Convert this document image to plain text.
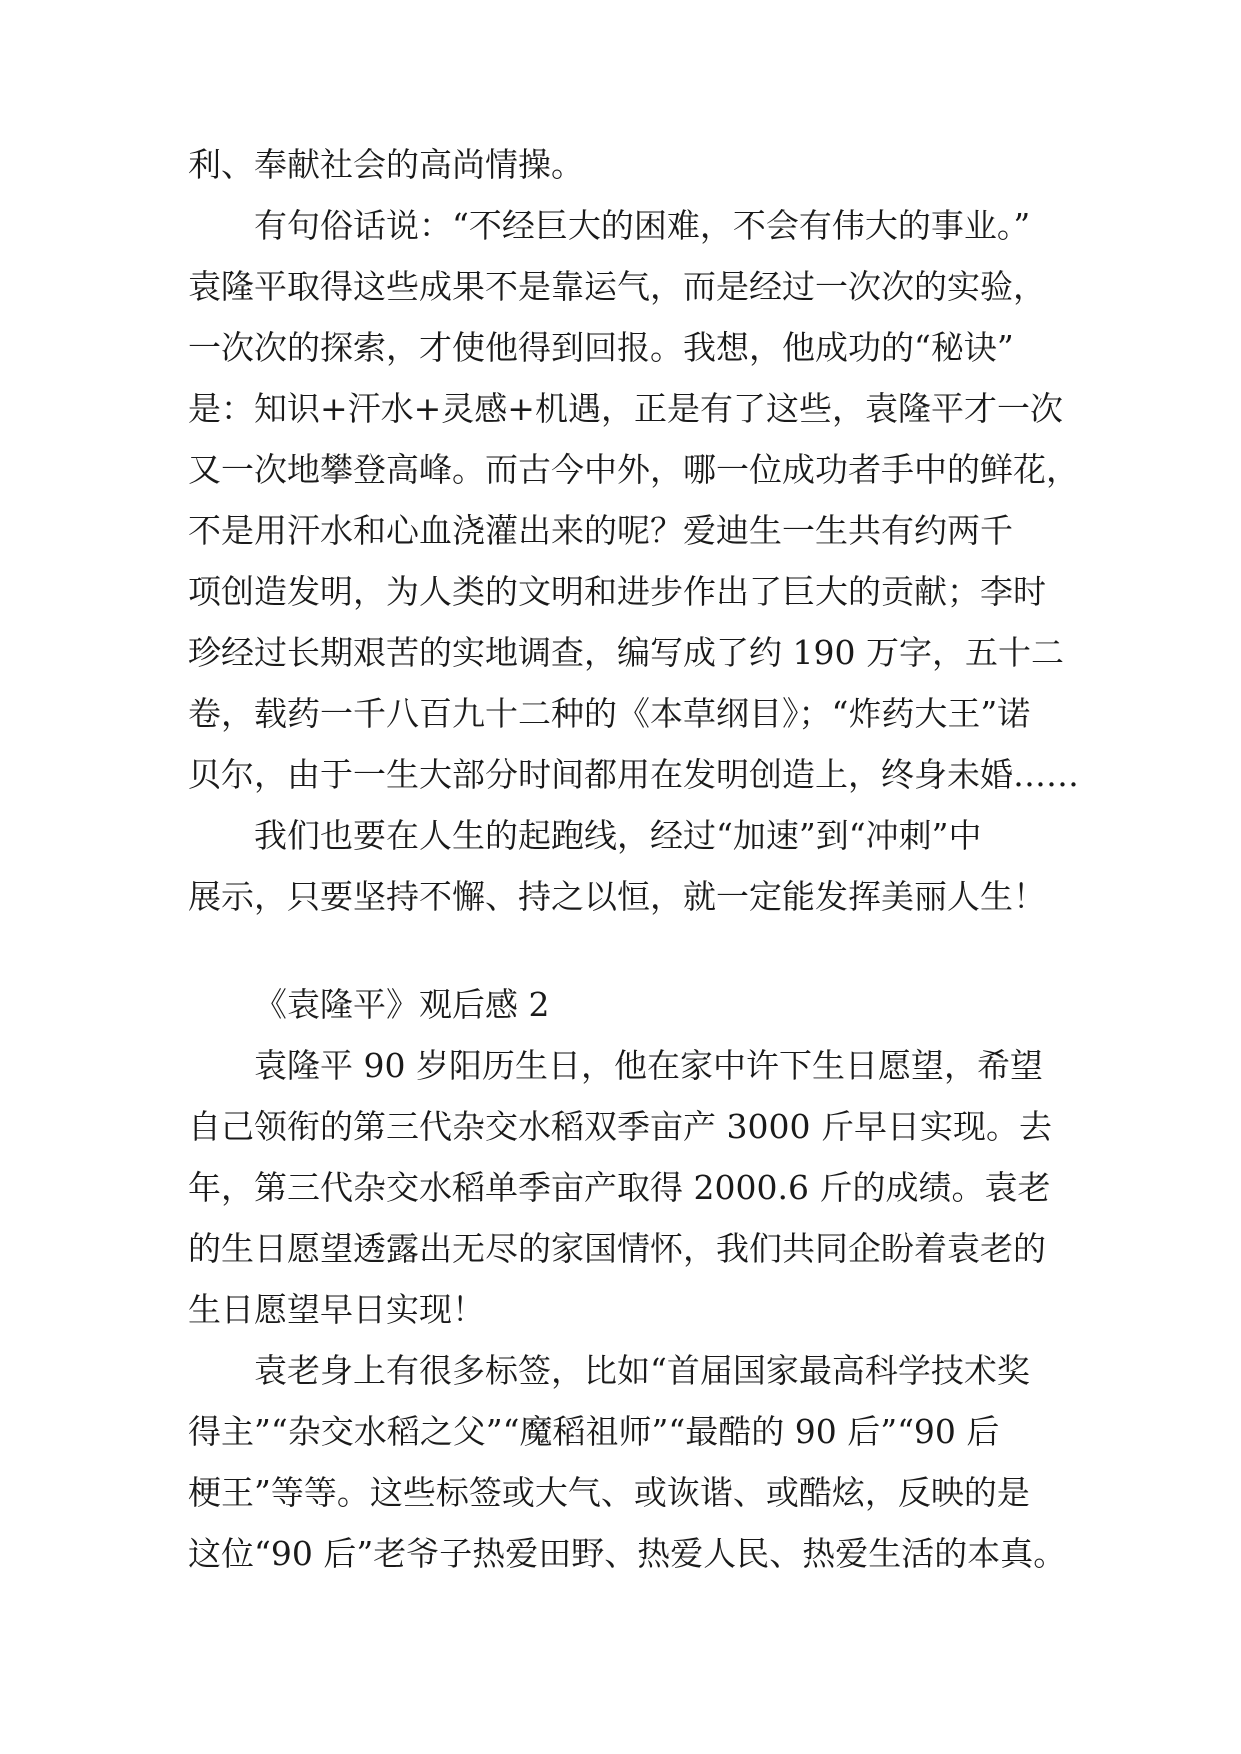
利、奉献社会的高尚情操。
有句俗话说：“不经巨大的困难，不会有伟大的事业。”
袁隆平取得这些成果不是靠运气，而是经过一次次的实验，
一次次的探索，才使他得到回报。我想，他成功的“秘诀”
是：知识+汗水+灵感+机遇，正是有了这些，袁隆平才一次
又一次地攀登高峰。而古今中外，哪一位成功者手中的鲜花，
不是用汗水和心血浇灌出来的呢？爱迪生一生共有约两千
项创造发明，为人类的文明和进步作出了巨大的贡献；李时
珍经过长期艰苦的实地调查，编写成了约 190 万字，五十二
卷，载药一千八百九十二种的《本草纲目》；“炸药大王”诺
贝尔，由于一生大部分时间都用在发明创造上，终身未婚……
我们也要在人生的起跑线，经过“加速”到“冲刺”中
展示，只要坚持不懈、持之以恒，就一定能发挥美丽人生！
《袁隆平》观后感 2
袁隆平 90 岁阳历生日，他在家中许下生日愿望，希望
自己领衔的第三代杂交水稻双季亩产 3000 斤早日实现。去
年，第三代杂交水稻单季亩产取得 2000.6 斤的成绩。袁老
的生日愿望透露出无尽的家国情怀，我们共同企盼着袁老的
生日愿望早日实现！
袁老身上有很多标签，比如“首届国家最高科学技术奖
得主”“杂交水稻之父”“魔稻祖师”“最酷的 90 后”“90 后
梗王”等等。这些标签或大气、或诙谐、或酷炫，反映的是
这位“90 后”老爷子热爱田野、热爱人民、热爱生活的本真。
